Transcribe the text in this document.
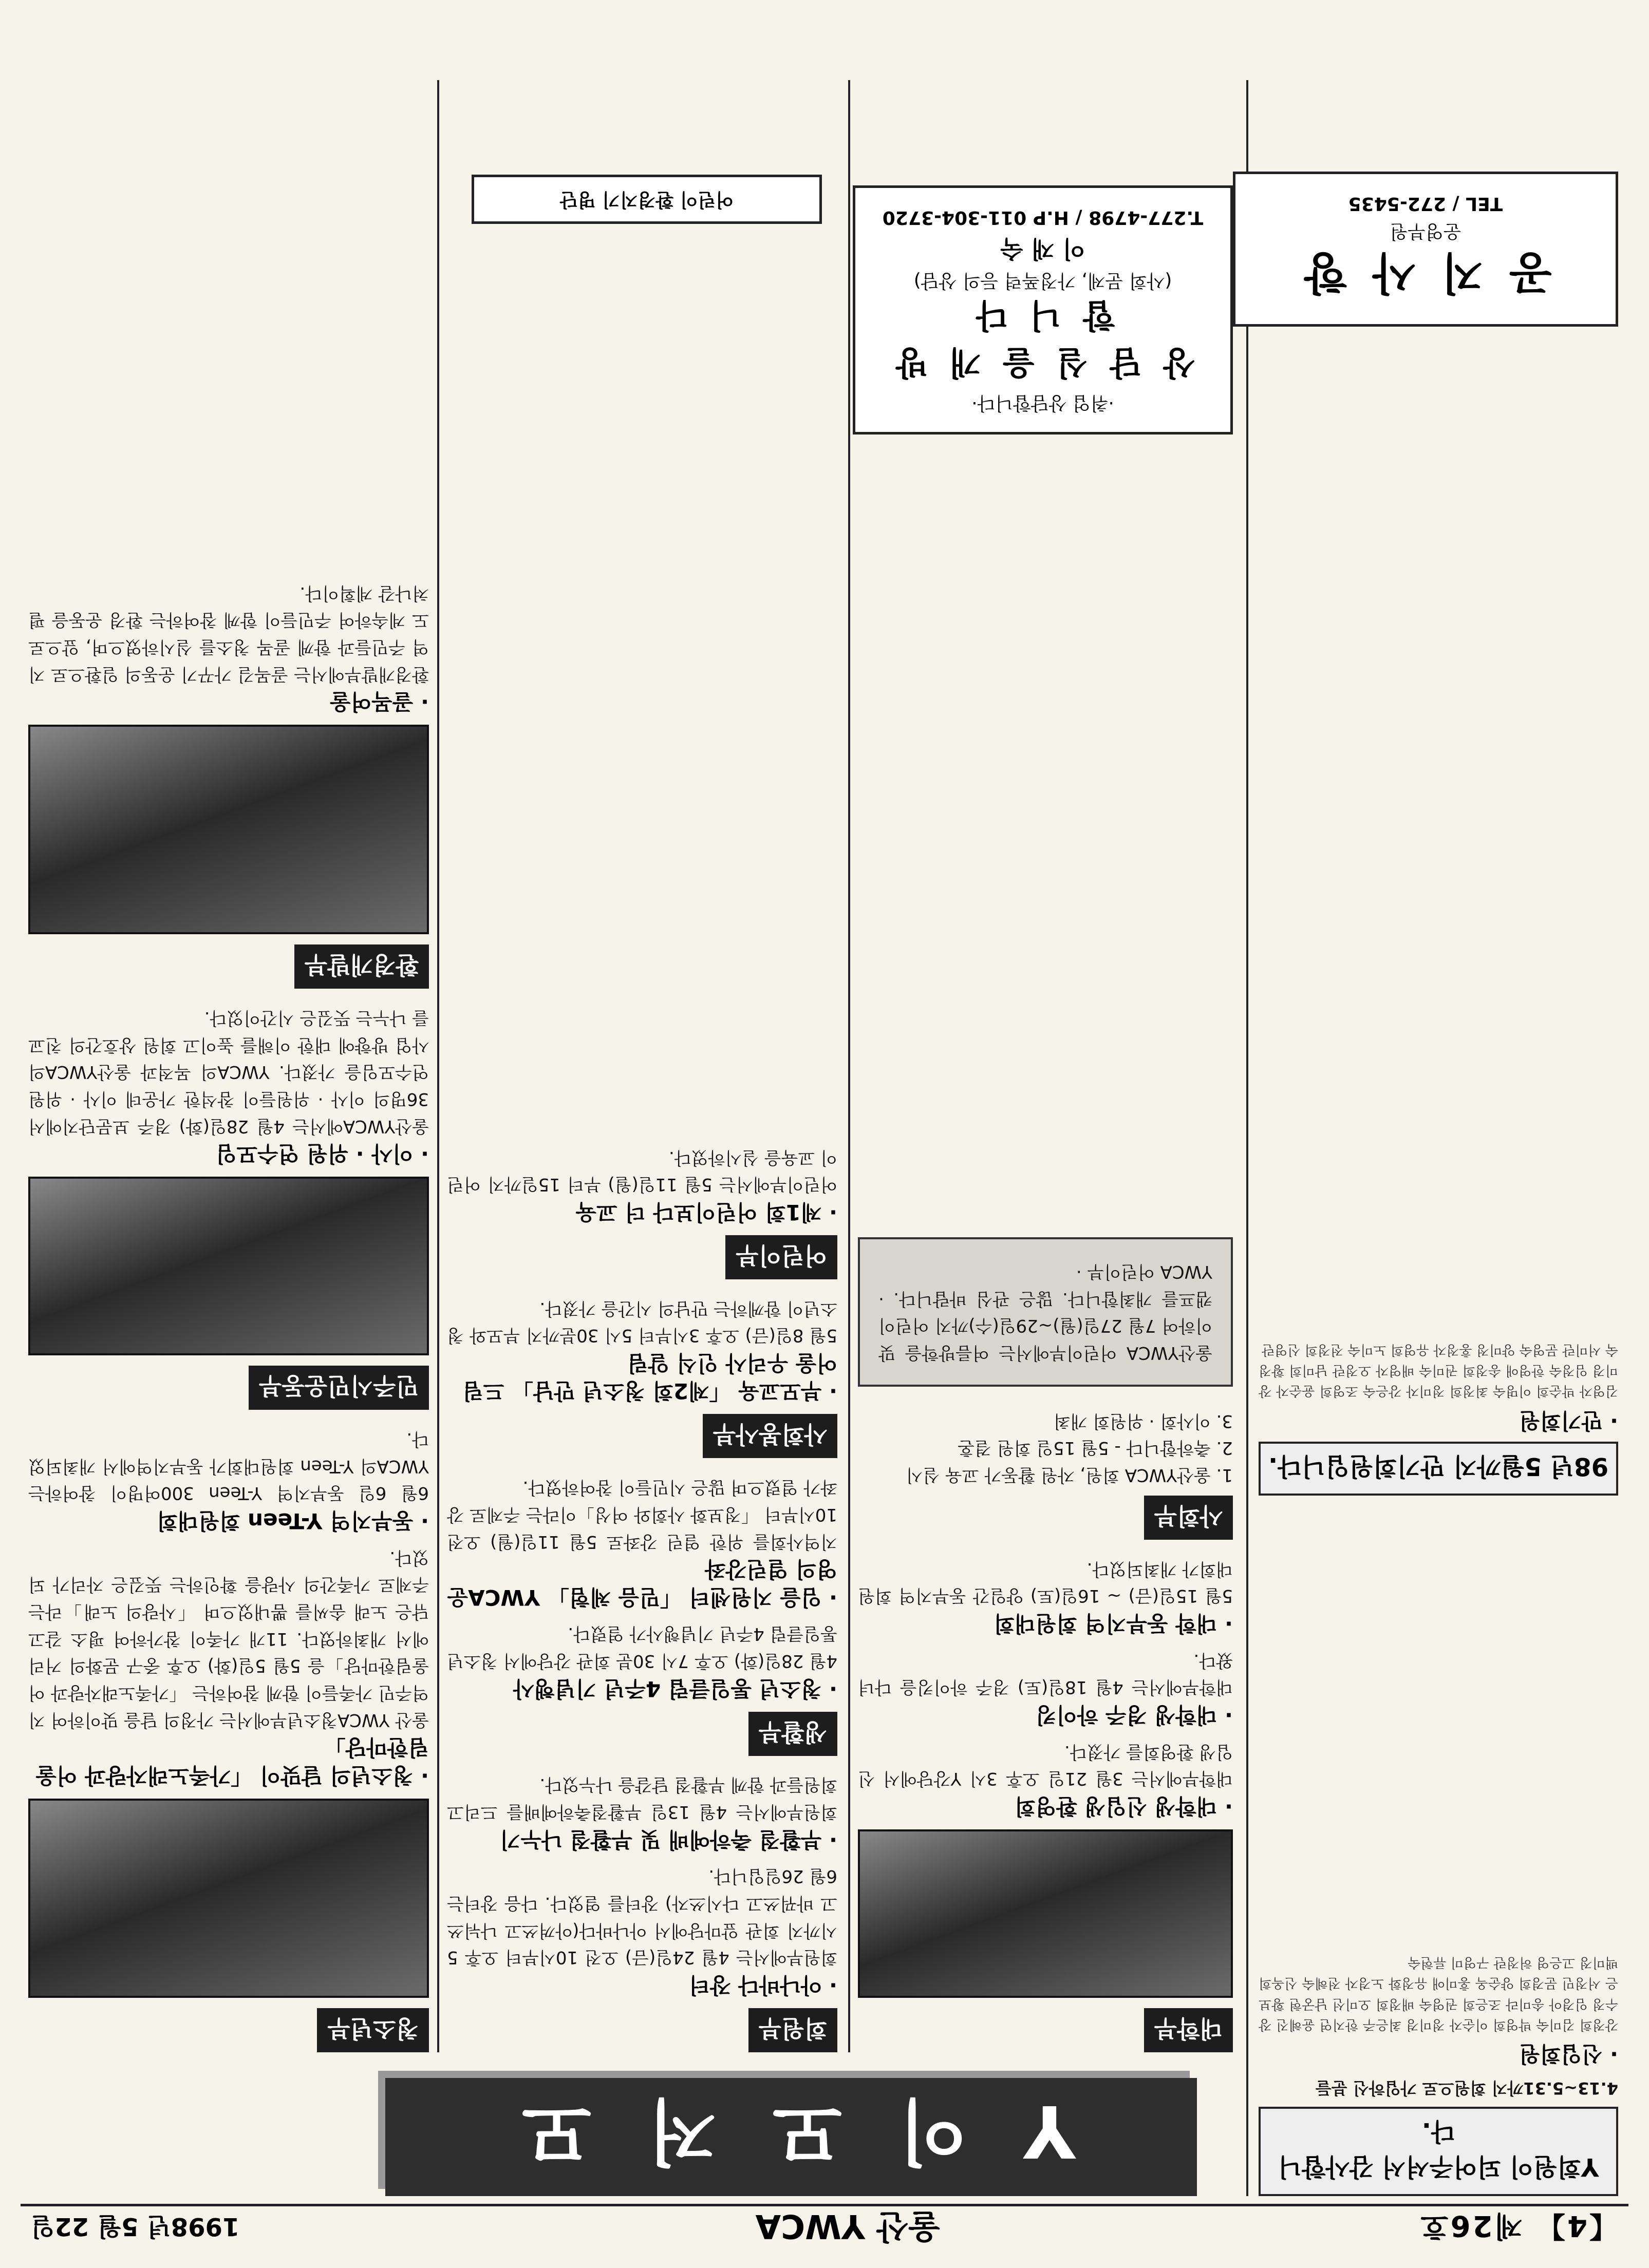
【4】 제26호
울산 YWCA
1998년 5월 22일
Y 이 모 저 모	Y회원이 되어주셔서 감사합니다.
4.13~5.31까지 회원으로 가입하신 분들
· 신입회원
강정희 김미숙 박영희 이순자 정미경 최은주 한지연 윤혜진 장수정 임경아 송미라 조은희 권영숙 배정희 오미선 남궁현 황보은 서정민 문경희 양순옥 홍미애 유정화 노경자 전혜숙 신옥희 백미정 고은영 허정란 구영미 류현숙
98년 5월까지 만기회원입니다.
· 만기회원
김영자 박순희 이명숙 최정희 정미자 강은숙 조영희 윤순자 장미경 임정숙 한영애 송정희 권미숙 배영자 오정란 남미희 황정숙 서미란 문영숙 양미정 홍정자 유영희 노미숙 전정희 신영란
대학부
· 대학생 신입생 환영회
대학부에서는 3월 21일 오후 3시 Y강당에서 신입생 환영회를 가졌다.
· 대학생 경주 하이킹
대학부에서는 4월 18일(토) 경주 하이킹을 다녀왔다.
· 대학 동부지역 회원대회
5월 15일(금) ~ 16일(토) 양일간 동부지역 회원대회가 개최되었다.
사회부
1. 울산YWCA 회원, 자원 활동가 교육 실시
2. 축하합니다 - 5월 15일 회원 결혼
3. 이사회 · 위원회 개최
울산YWCA 어린이부에서는 여름방학을 맞이하여 7월 27일(월)~29일(수)까지 어린이 캠프를 개최합니다. 많은 관심 바랍니다. · YWCA 어린이부 ·
·취업 상담합니다·
상 담 실 을 개 방 합 니 다
(사회 문제, 가정폭력 등의 상담)
이 재 숙
T.277-4798 / H.P 011-304-3720
회원부
· 아나바다 장터
회원부에서는 4월 24일(금) 오전 10시부터 오후 5시까지 회관 앞마당에서 아나바다(아껴쓰고 나눠쓰고 바꿔쓰고 다시쓰자) 장터를 열었다. 다음 장터는 6월 26일입니다.
· 부활절 축하예배 및 부활절 나누기
회원부에서는 4월 13일 부활절축하예배를 드리고 회원들과 함께 부활절 달걀을 나누었다.
생활부
· 청소년 통일클럽 4주년 기념행사
4월 28일(화) 오후 7시 30분 회관 강당에서 청소년 통일클럽 4주년 기념행사가 열렸다.
· 임을 지원센터 「믿음 체험」 YWCA운영의 열린강좌
지역사회를 위한 열린 강좌로 5월 11일(월) 오전 10시부터 「정보화 사회와 여성」이라는 주제로 강좌가 열렸으며 많은 시민들이 참여하였다.
사회봉사부
· 부모교육 「제2회 청소년 만남」 드림어울 우리사 인식 알림
5월 8일(금) 오후 3시부터 5시 30분까지 부모와 청소년이 함께하는 만남의 시간을 가졌다.
어린이부
· 제1회 어린이보다 더 교육
어린이부에서는 5월 11일(월) 부터 15일까지 어린이 교육을 실시하였다.
어린이 환경지기 명단
청소년부
· 청소년의 달맞이 「가족노래자랑과 어울림한마당」
울산 YWCA청소년부에서는 가정의 달을 맞이하여 지역주민 가족들이 함께 참여하는 「가족노래자랑과 어울림한마당」을 5월 5일(화) 오후 중구 문화의 거리에서 개최하였다. 11개 가족이 참가하여 평소 갈고 닦은 노래 솜씨를 뽐내었으며 「사랑의 노래」라는 주제로 가족간의 사랑을 확인하는 뜻깊은 자리가 되었다.
· 동부지역 Y-Teen 회원대회
6월 6일 동부지역 Y-Teen 300여명이 참여하는 YWCA의 Y-Teen 회원대회가 동부지역에서 개최되었다.
민주시민운동부
· 이사 · 위원 연수모임
울산YWCA에서는 4월 28일(화) 경주 보문단지에서 36명의 이사 · 위원들이 참석한 가운데 이사 · 위원 연수모임을 가졌다. YWCA의 목적과 울산YWCA의 사업 방향에 대한 이해를 높이고 회원 상호간의 친교를 나누는 뜻깊은 시간이었다.
환경개발부
· 골목여울
환경개발부에서는 골목길 가꾸기 운동의 일환으로 지역 주민들과 함께 골목 청소를 실시하였으며, 앞으로도 계속하여 주민들이 함께 참여하는 환경 운동을 펼쳐나갈 계획이다.
공 지 사 항
운영부원
TEL / 272-5435
